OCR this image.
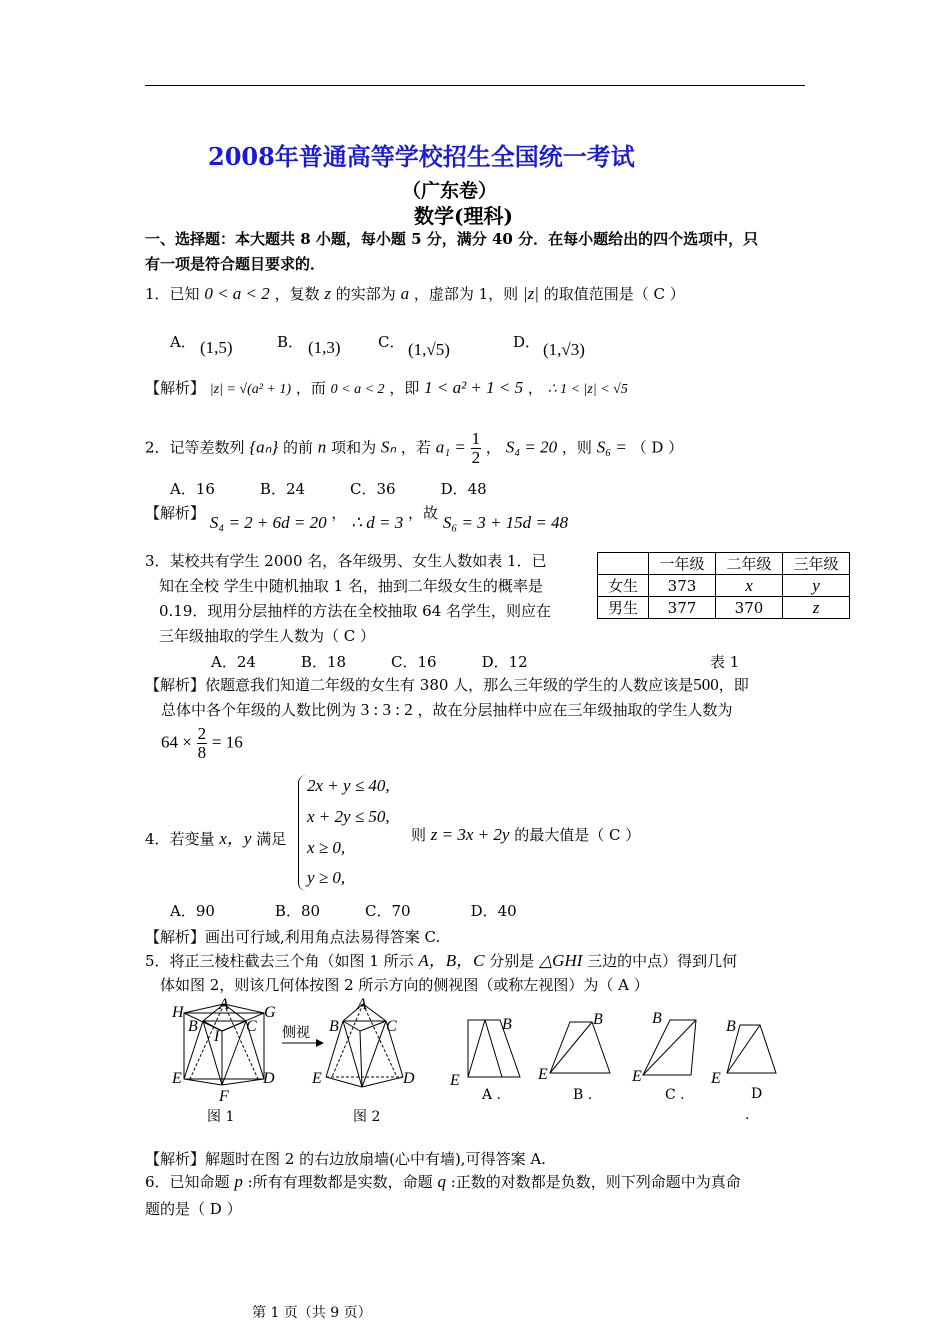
2008年普通高等学校招生全国统一考试
（广东卷）
数学(理科)
一、选择题：本大题共 8 小题，每小题 5 分，满分 40 分．在每小题给出的四个选项中，只
有一项是符合题目要求的．
1．已知 0 < a < 2 ，复数 z 的实部为 a ，虚部为 1，则 |z| 的取值范围是（ C ）
A． (1,5)	B． (1,3) C． (1,√5)	D． (1,√3)
【解析】 |z| = √(a² + 1) ，而 0 < a < 2 ，即 1 < a² + 1 < 5 ， ∴ 1 < |z| < √5
2．记等差数列 {aₙ} 的前 n 项和为 Sₙ ，若 $a_1 = \frac{1}{2}$ ， S₄ = 20 ，则 S₆ = （ D ）
A．16　　　B．24　　　C．36　　　D．48
【解析】 S₄ = 2 + 6d = 20 ， ∴ d = 3 ，故 S₆ = 3 + 15d = 48
3．某校共有学生 2000 名，各年级男、女生人数如表 1．已
知在全校 学生中随机抽取 1 名，抽到二年级女生的概率是
0.19．现用分层抽样的方法在全校抽取 64 名学生，则应在
三年级抽取的学生人数为（ C ）
	一年级	二年级	三年级
女生	373	x	y
男生	377	370	z
A．24　　　B．18　　　C．16　　　D．12	表 1
【解析】依题意我们知道二年级的女生有 380 人，那么三年级的学生的人数应该是500，即
总体中各个年级的人数比例为 3 : 3 : 2 ，故在分层抽样中应在三年级抽取的学生人数为
$64 \times \frac{2}{8} = 16$
4．若变量 x，y 满足
2x + y ≤ 40,
x + 2y ≤ 50,
x ≥ 0,
y ≥ 0,
则 z = 3x + 2y 的最大值是（ C ）
A．90　　　　B．80　　　C．70　　　　D．40
【解析】画出可行域,利用角点法易得答案 C.
5．将正三棱柱截去三个角（如图 1 所示 A，B，C 分别是 △GHI 三边的中点）得到几何
体如图 2，则该几何体按图 2 所示方向的侧视图（或称左视图）为（ A ）
H A G
B	C
I
E	D
F
图 1
侧视
A
B	C
E	D
图 2
B
E
A .
B
E
B .
B
E
C .
B
E
D
.
【解析】解题时在图 2 的右边放扇墙(心中有墙),可得答案 A.
6．已知命题 p :所有有理数都是实数，命题 q :正数的对数都是负数，则下列命题中为真命
题的是（ D ）
第 1 页（共 9 页）
